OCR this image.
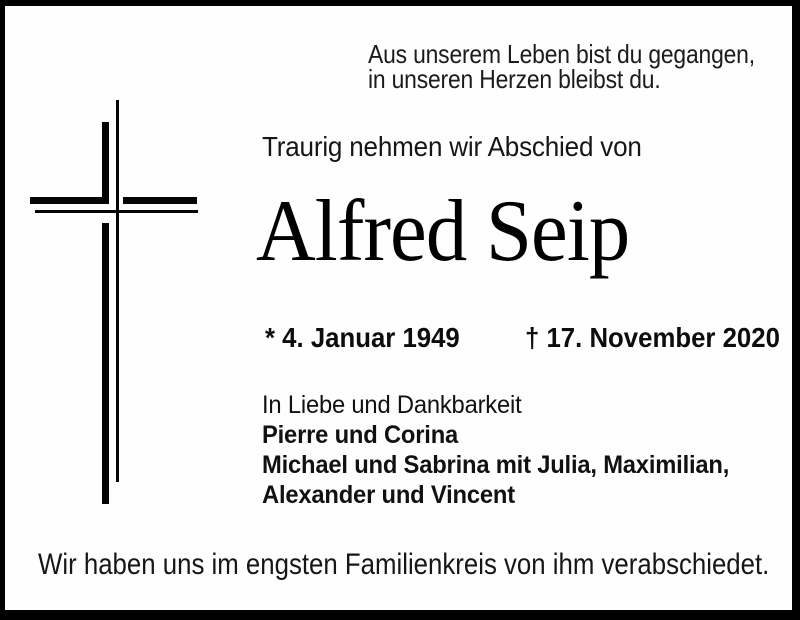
Aus unserem Leben bist du gegangen,
in unseren Herzen bleibst du.
Traurig nehmen wir Abschied von
Alfred Seip
* 4. Januar 1949 † 17. November 2020
In Liebe und Dankbarkeit
Pierre und Corina
Michael und Sabrina mit Julia, Maximilian,
Alexander und Vincent
Wir haben uns im engsten Familienkreis von ihm verabschiedet.
